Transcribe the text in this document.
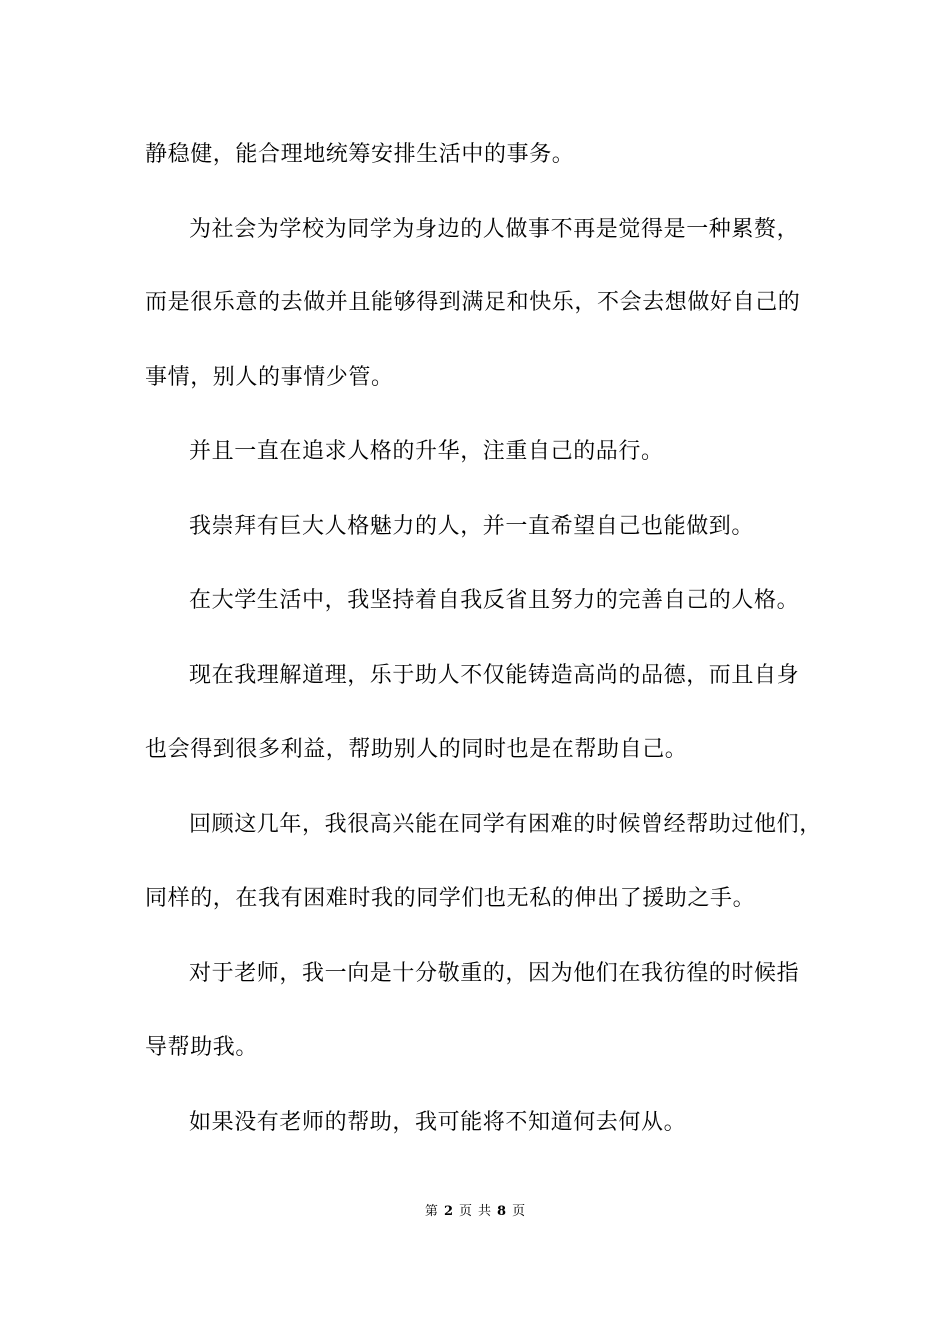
静稳健，能合理地统筹安排生活中的事务。
为社会为学校为同学为身边的人做事不再是觉得是一种累赘，
而是很乐意的去做并且能够得到满足和快乐，不会去想做好自己的
事情，别人的事情少管。
并且一直在追求人格的升华，注重自己的品行。
我崇拜有巨大人格魅力的人，并一直希望自己也能做到。
在大学生活中，我坚持着自我反省且努力的完善自己的人格。
现在我理解道理，乐于助人不仅能铸造高尚的品德，而且自身
也会得到很多利益，帮助别人的同时也是在帮助自己。
回顾这几年，我很高兴能在同学有困难的时候曾经帮助过他们，
同样的，在我有困难时我的同学们也无私的伸出了援助之手。
对于老师，我一向是十分敬重的，因为他们在我彷徨的时候指
导帮助我。
如果没有老师的帮助，我可能将不知道何去何从。
第 2 页 共 8 页
